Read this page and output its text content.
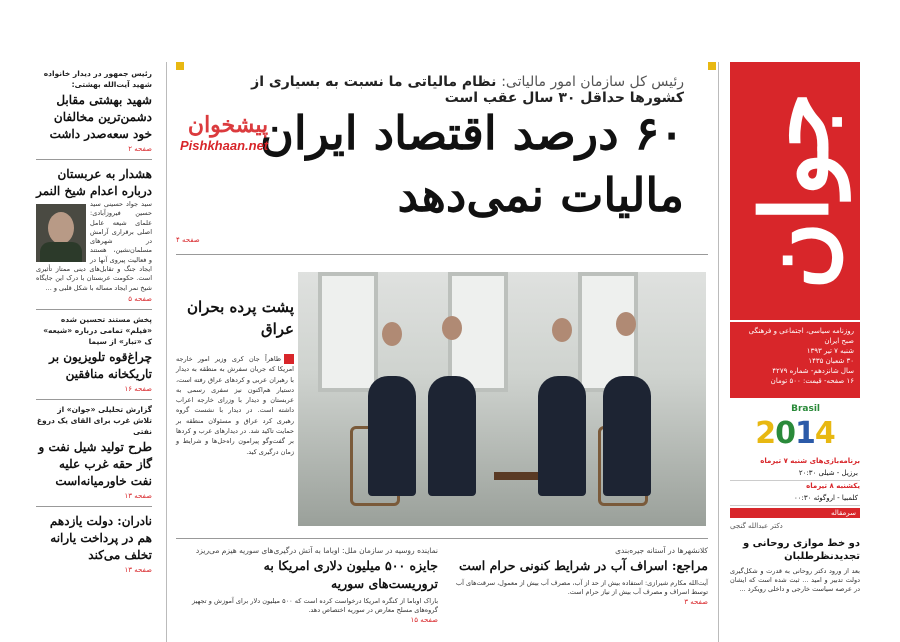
جوان
روزنامه سیاسی، اجتماعی و فرهنگی صبح ایران
شنبه ۷ تیر ۱۳۹۳
۳۰ شعبان ۱۴۳۵
سال شانزدهم- شماره ۴۲۷۹
۱۶ صفحه- قیمت: ۵۰۰ تومان
Brasil
2014
برنامه‌بازی‌های شنبه ۷ تیرماه
برزیل - شیلی ۲۰:۳۰
یکشنبه ۸ تیرماه
کلمبیا - اروگوئه ۰۰:۳۰
سرمقاله
دکتر عبدالله گنجی
دو خط موازی روحانی و تجدیدنظرطلبان

بعد از ورود دکتر روحانی به قدرت و شکل‌گیری دولت تدبیر و امید ... ثبت شده است که ایشان در عرصه سیاست خارجی و داخلی رویکرد ...

رئیس کل سازمان امور مالیاتی: نظام مالیاتی ما نسبت به بسیاری از کشورها حداقل ۳۰ سال عقب است
۶۰ درصد اقتصاد ایران
مالیات نمی‌دهد
پیشخوان
Pishkhaan.net
صفحه ۴
پشت پرده بحران عراق

ظاهراً جان کری وزیر امور خارجه امریکا که جریان سفرش به منطقه به دیدار با رهبران عربی و کردهای عراق رفته است، دستیار هم‌اکنون نیز سفری رسمی به عربستان و دیدار با وزرای خارجه اعراب داشته است. در دیدار با نشست گروه رهبری کرد عراق و مسئولان منطقه بر حمایت تاکید شد. در دیدارهای عرب و کردها بر گفت‌وگو پیرامون راه‌حل‌ها و شرایط و زمان درگیری کید.

رئیس جمهور در دیدار خانواده شهید آیت‌الله بهشتی:
شهید بهشتی مقابل دشمن‌ترین مخالفان خود سعه‌صدر داشت
صفحه ۲
هشدار به عربستان درباره اعدام شیخ النمر

سید جواد حسینی سید حسین فیروزآبادی: علمای شیعه عامل اصلی برقراری آرامش در شهرهای مسلمان‌نشین، هستند و فعالیت پیروی آنها در ایجاد جنگ و تقابل‌های دینی ممتاز تأثیری است. حکومت عربستان با درک این جایگاه شیخ نمر ایجاد مساله با شکل قلبی و ...

صفحه ۵
پخش مستند تحسین شده «فیلم» تمامی درباره «شیعه» ک «تبار» از سیما
چراغ‌قوه تلویزیون بر تاریکخانه منافقین
صفحه ۱۶
گزارش تحلیلی «جوان» از تلاش غرب برای القای یک دروغ نفتی
طرح تولید شیل نفت و گاز حقه غرب علیه نفت خاورمیانه‌است
صفحه ۱۳
نادران: دولت یازدهم هم در پرداخت یارانه تخلف می‌کند
صفحه ۱۳
کلانشهرها در آستانه جیره‌بندی
مراجع: اسراف آب در شرایط کنونی حرام است

آیت‌الله مکارم شیرازی: استفاده بیش از حد از آب، مصرف آب بیش از معمول، سرقت‌های آب توسط اسراف و مصرف آب بیش از نیاز حرام است.

صفحه ۳
نماینده روسیه در سازمان ملل: اوباما به آتش درگیری‌های سوریه هیزم می‌ریزد
جایزه ۵۰۰ میلیون دلاری امریکا به تروریست‌های سوریه

باراک اوباما از کنگره امریکا درخواست کرده است که ۵۰۰ میلیون دلار برای آموزش و تجهیز گروه‌های مسلح معارض در سوریه اختصاص دهد.

صفحه ۱۵
